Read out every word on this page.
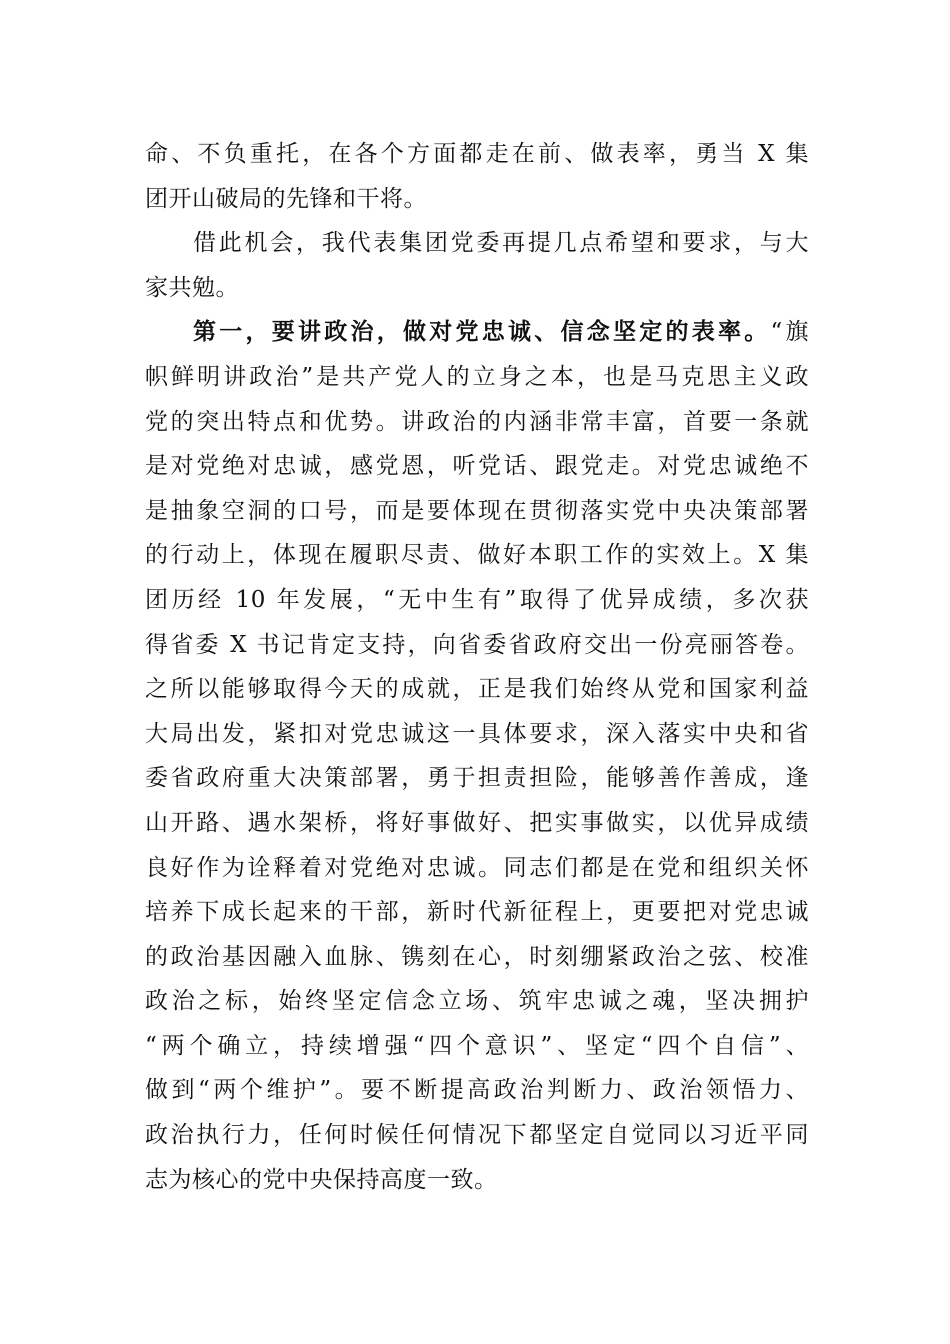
命、不负重托，在各个方面都走在前、做表率，勇当 X 集
团开山破局的先锋和干将。
借此机会，我代表集团党委再提几点希望和要求，与大
家共勉。
第一，要讲政治，做对党忠诚、信念坚定的表率。“旗
帜鲜明讲政治”是共产党人的立身之本，也是马克思主义政
党的突出特点和优势。讲政治的内涵非常丰富，首要一条就
是对党绝对忠诚，感党恩，听党话、跟党走。对党忠诚绝不
是抽象空洞的口号，而是要体现在贯彻落实党中央决策部署
的行动上，体现在履职尽责、做好本职工作的实效上。X 集
团历经 10 年发展，“无中生有”取得了优异成绩，多次获
得省委 X 书记肯定支持，向省委省政府交出一份亮丽答卷。
之所以能够取得今天的成就，正是我们始终从党和国家利益
大局出发，紧扣对党忠诚这一具体要求，深入落实中央和省
委省政府重大决策部署，勇于担责担险，能够善作善成，逢
山开路、遇水架桥，将好事做好、把实事做实，以优异成绩
良好作为诠释着对党绝对忠诚。同志们都是在党和组织关怀
培养下成长起来的干部，新时代新征程上，更要把对党忠诚
的政治基因融入血脉、镌刻在心，时刻绷紧政治之弦、校准
政治之标，始终坚定信念立场、筑牢忠诚之魂，坚决拥护
“两个确立，持续增强“四个意识”、坚定“四个自信”、
做到“两个维护”。要不断提高政治判断力、政治领悟力、
政治执行力，任何时候任何情况下都坚定自觉同以习近平同
志为核心的党中央保持高度一致。
